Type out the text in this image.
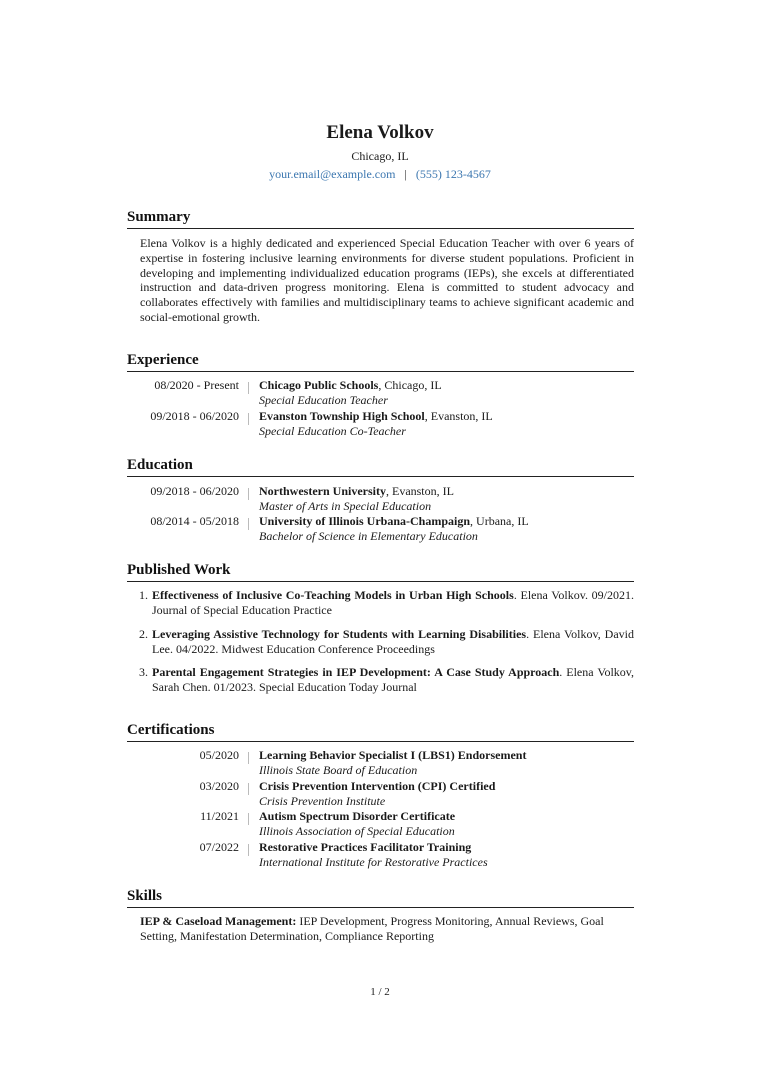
Elena Volkov
Chicago, IL
your.email@example.com | (555) 123-4567
Summary
Elena Volkov is a highly dedicated and experienced Special Education Teacher with over 6 years of expertise in fostering inclusive learning environments for diverse student populations. Proficient in developing and implementing individualized education programs (IEPs), she excels at differentiated instruction and data-driven progress monitoring. Elena is committed to student advocacy and collaborates effectively with families and multidisciplinary teams to achieve significant academic and social-emotional growth.
Experience
08/2020 - Present Chicago Public Schools, Chicago, IL
Special Education Teacher
09/2018 - 06/2020 Evanston Township High School, Evanston, IL
Special Education Co-Teacher
Education
09/2018 - 06/2020 Northwestern University, Evanston, IL
Master of Arts in Special Education
08/2014 - 05/2018 University of Illinois Urbana-Champaign, Urbana, IL
Bachelor of Science in Elementary Education
Published Work
1. Effectiveness of Inclusive Co-Teaching Models in Urban High Schools. Elena Volkov. 09/2021. Journal of Special Education Practice
2. Leveraging Assistive Technology for Students with Learning Disabilities. Elena Volkov, David Lee. 04/2022. Midwest Education Conference Proceedings
3. Parental Engagement Strategies in IEP Development: A Case Study Approach. Elena Volkov, Sarah Chen. 01/2023. Special Education Today Journal
Certifications
05/2020 Learning Behavior Specialist I (LBS1) Endorsement
Illinois State Board of Education
03/2020 Crisis Prevention Intervention (CPI) Certified
Crisis Prevention Institute
11/2021 Autism Spectrum Disorder Certificate
Illinois Association of Special Education
07/2022 Restorative Practices Facilitator Training
International Institute for Restorative Practices
Skills
IEP & Caseload Management: IEP Development, Progress Monitoring, Annual Reviews, Goal Setting, Manifestation Determination, Compliance Reporting
1 / 2
